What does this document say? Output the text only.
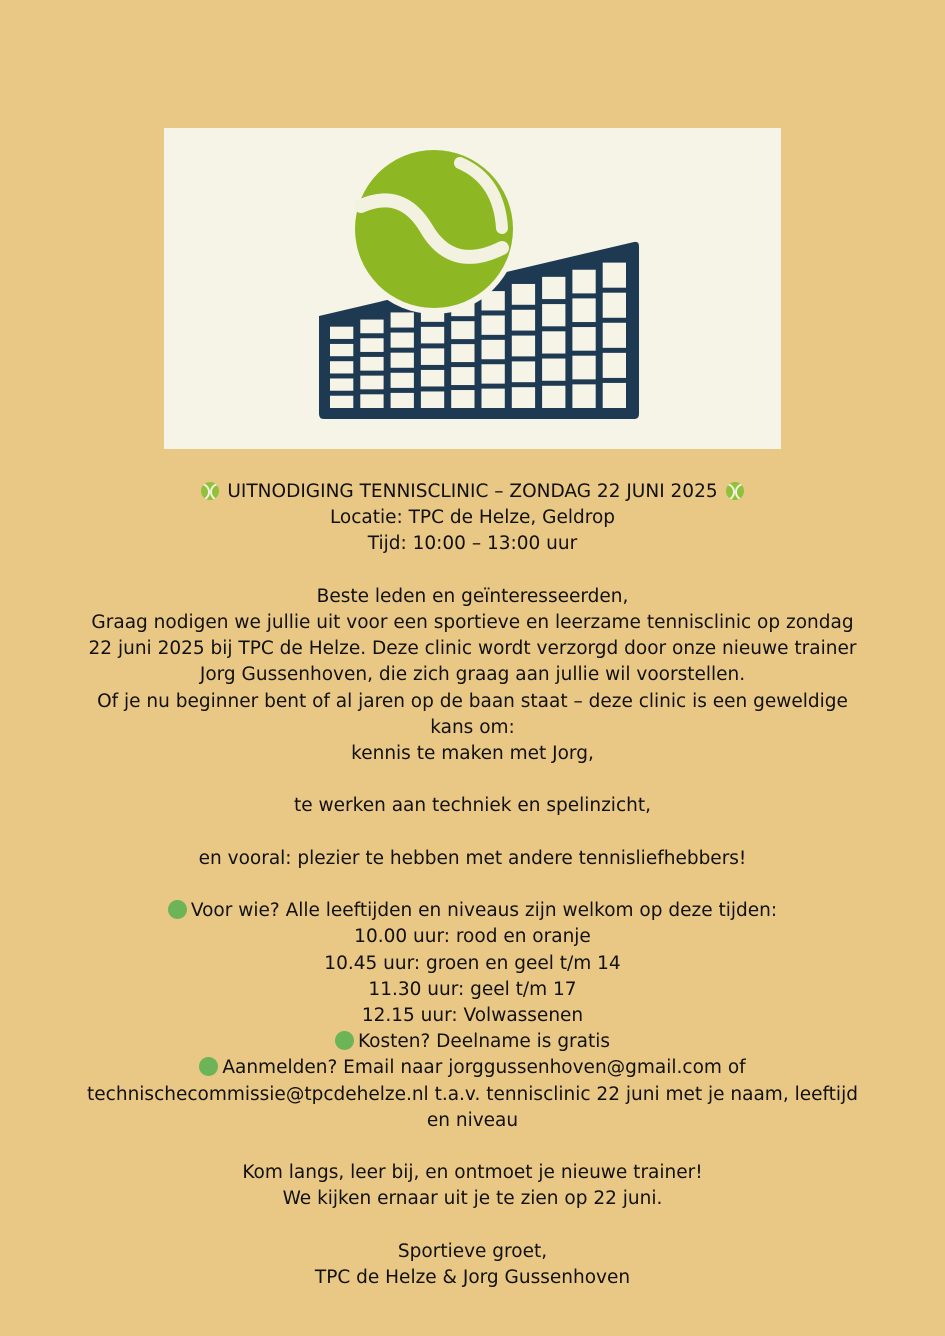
UITNODIGING TENNISCLINIC – ZONDAG 22 JUNI 2025
Locatie: TPC de Helze, Geldrop
Tijd: 10:00 – 13:00 uur
Beste leden en geïnteresseerden,
Graag nodigen we jullie uit voor een sportieve en leerzame tennisclinic op zondag 22 juni 2025 bij TPC de Helze. Deze clinic wordt verzorgd door onze nieuwe trainer Jorg Gussenhoven, die zich graag aan jullie wil voorstellen.
Of je nu beginner bent of al jaren op de baan staat – deze clinic is een geweldige kans om:
kennis te maken met Jorg,
te werken aan techniek en spelinzicht,
en vooral: plezier te hebben met andere tennisliefhebbers!
Voor wie? Alle leeftijden en niveaus zijn welkom op deze tijden:
10.00 uur: rood en oranje
10.45 uur: groen en geel t/m 14
11.30 uur: geel t/m 17
12.15 uur: Volwassenen
Kosten? Deelname is gratis
Aanmelden? Email naar jorggussenhoven@gmail.com of
technischecommissie@tpcdehelze.nl t.a.v. tennisclinic 22 juni met je naam, leeftijd en niveau
Kom langs, leer bij, en ontmoet je nieuwe trainer!
We kijken ernaar uit je te zien op 22 juni.
Sportieve groet,
TPC de Helze & Jorg Gussenhoven
